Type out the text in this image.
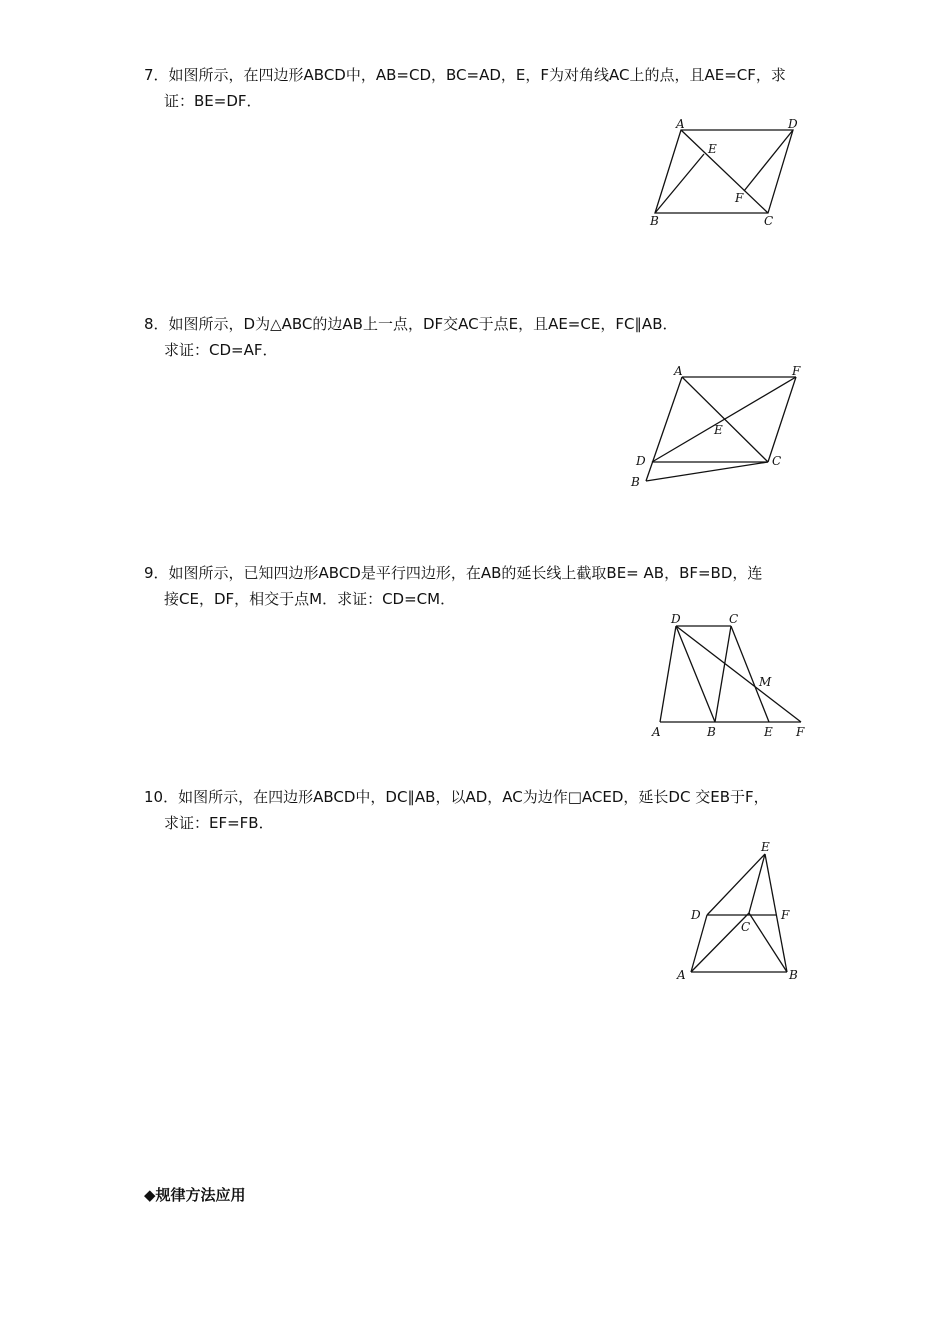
7．如图所示，在四边形ABCD中，AB=CD，BC=AD，E，F为对角线AC上的点，且AE=CF，求
证：BE=DF．
A	D
E
F
B	C
8．如图所示，D为△ABC的边AB上一点，DF交AC于点E，且AE=CE，FC∥AB．
求证：CD=AF．
A	F
E
D	C
B
9．如图所示，已知四边形ABCD是平行四边形，在AB的延长线上截取BE= AB，BF=BD，连
接CE，DF，相交于点M．求证：CD=CM．
D	C
M
A	B	E F
10．如图所示，在四边形ABCD中，DC∥AB，以AD，AC为边作□ACED，延长DC 交EB于F，
求证：EF=FB．
E
D	F
C
A	B
◆规律方法应用
